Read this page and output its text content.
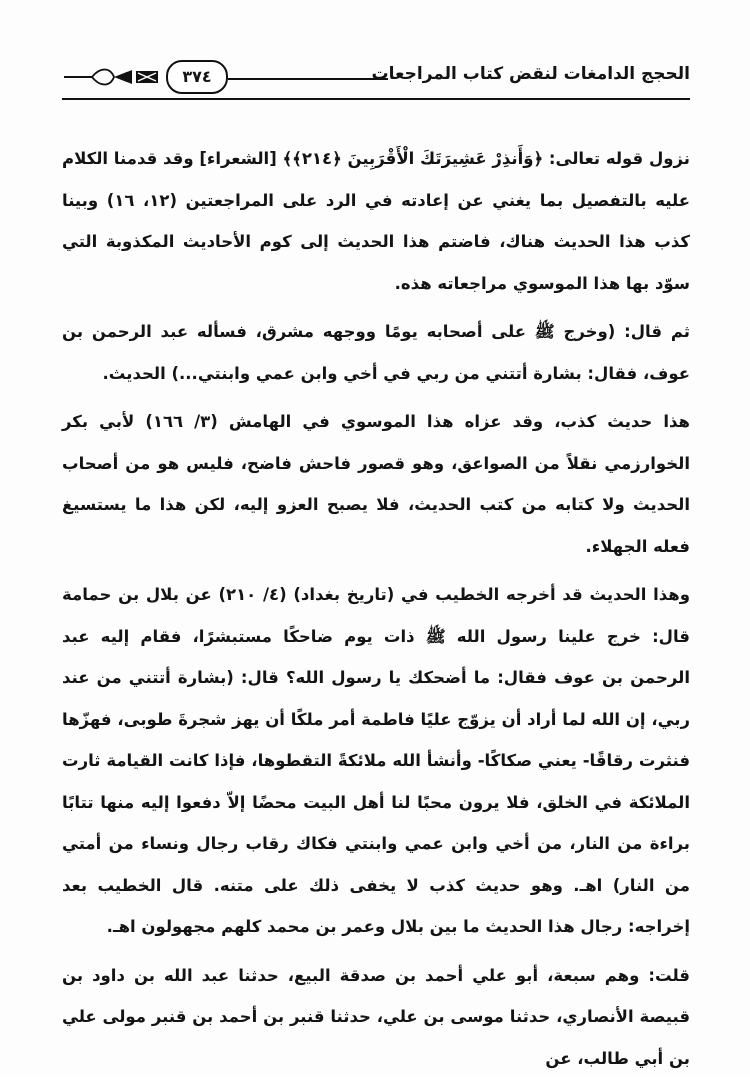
الحجج الدامغات لنقض كتاب المراجعات
٣٧٤

نزول قوله تعالى: ﴿وَأَنذِرْ عَشِيرَتَكَ الْأَقْرَبِينَ ﴿٢١٤﴾﴾ [الشعراء] وقد قدمنا الكلام عليه بالتفصيل بما يغني عن إعادته في الرد على المراجعتين (١٢، ١٦) وبينا كذب هذا الحديث هناك، فاضتم هذا الحديث إلى كوم الأحاديث المكذوبة التي سوّد بها هذا الموسوي مراجعاته هذه.

ثم قال: (وخرج ﷺ على أصحابه يومًا ووجهه مشرق، فسأله عبد الرحمن بن عوف، فقال: بشارة أتتني من ربي في أخي وابن عمي وابنتي...) الحديث.

هذا حديث كذب، وقد عزاه هذا الموسوي في الهامش (٣/ ١٦٦) لأبي بكر الخوارزمي نقلاً من الصواعق، وهو قصور فاحش فاضح، فليس هو من أصحاب الحديث ولا كتابه من كتب الحديث، فلا يصبح العزو إليه، لكن هذا ما يستسيغ فعله الجهلاء.

وهذا الحديث قد أخرجه الخطيب في (تاريخ بغداد) (٤/ ٢١٠) عن بلال بن حمامة قال: خرج علينا رسول الله ﷺ ذات يوم ضاحكًا مستبشرًا، فقام إليه عبد الرحمن بن عوف فقال: ما أضحكك يا رسول الله؟ قال: (بشارة أتتني من عند ربي، إن الله لما أراد أن يزوّج عليًا فاطمة أمر ملكًا أن يهز شجرةَ طوبى، فهزّها فنثرت رقاقًا- يعني صكاكًا- وأنشأ الله ملائكةً التقطوها، فإذا كانت القيامة ثارت الملائكة في الخلق، فلا يرون محبًا لنا أهل البيت محضًا إلاّ دفعوا إليه منها تتابًا براءة من النار، من أخي وابن عمي وابنتي فكاك رقاب رجال ونساء من أمتي من النار) اهـ. وهو حديث كذب لا يخفى ذلك على متنه. قال الخطيب بعد إخراجه: رجال هذا الحديث ما بين بلال وعمر بن محمد كلهم مجهولون اهـ.

قلت: وهم سبعة، أبو علي أحمد بن صدقة البيع، حدثنا عبد الله بن داود بن قبيصة الأنصاري، حدثنا موسى بن علي، حدثنا قنبر بن أحمد بن قنبر مولى علي بن أبي طالب، عن
